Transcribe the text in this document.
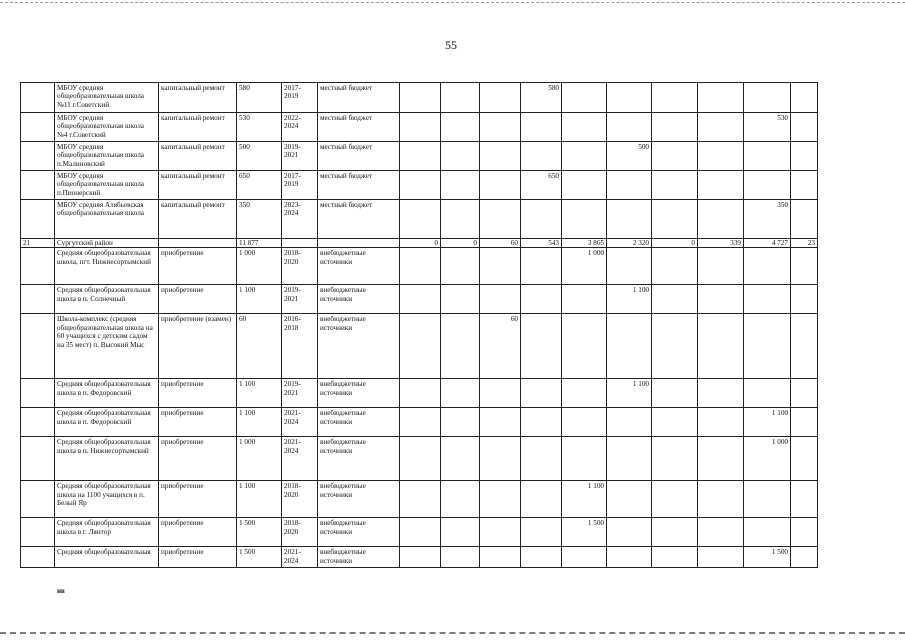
55
	МБОУ средняя общеобразовательная школа №11 г.Советский	капитальный ремонт	580	2017-2019	местный бюджет				580						
	МБОУ средняя общеобразовательная школа №4 г.Советский	капитальный ремонт	530	2022-2024	местный бюджет									530	
	МБОУ средняя общеобразовательная школа п.Малиновский	капитальный ремонт	500	2019-2021	местный бюджет						500				
	МБОУ средняя общеобразовательная школа п.Пионерский	капитальный ремонт	650	2017-2019	местный бюджет				650						
	МБОУ средняя Алябьевская общеобразовательная школа	капитальный ремонт	350	2023-2024	местный бюджет									350	
21	Сургутский район		11 877			0	0	60	543	3 865	2 320	0	339	4 727	23
	Средняя общеобразовательная школа, пгт. Нижнесортымский	приобретение	1 000	2018-2020	внебюджетные источники					1 000					
	Средняя общеобразовательная школа в п. Солнечный	приобретение	1 100	2019-2021	внебюджетные источники						1 100				
	Школа-комплекс (средняя общеобразовательная школа на 60 учащихся с детским садом на 35 мест) п. Высокий Мыс	приобретение (взамен)	60	2016-2018	внебюджетные источники			60							
	Средняя общеобразовательная школа в п. Федоровский	приобретение	1 100	2019-2021	внебюджетные источники						1 100				
	Средняя общеобразовательная школа в п. Федоровский	приобретение	1 100	2021-2024	внебюджетные источники									1 100	
	Средняя общеобразовательная школа в п. Нижнесортымский	приобретение	1 000	2021-2024	внебюджетные источники									1 000	
	Средняя общеобразовательная школа на 1100 учащихся в п. Белый Яр	приобретение	1 100	2018-2020	внебюджетные источники					1 100					
	Средняя общеобразовательная школа в г. Лянтор	приобретение	1 500	2018-2020	внебюджетные источники					1 500					
	Средняя общеобразовательная	приобретение	1 500	2021-2024	внебюджетные источники									1 500	
нв
